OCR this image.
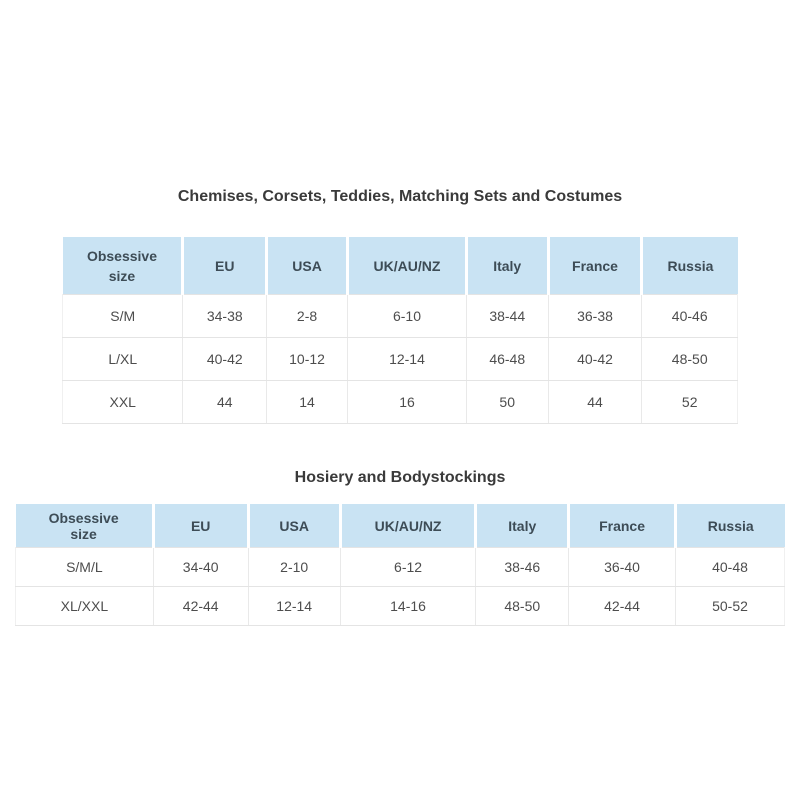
Chemises, Corsets, Teddies, Matching Sets and Costumes
Obsessive size	EU	USA	UK/AU/NZ	Italy	France	Russia
S/M	34-38	2-8	6-10	38-44	36-38	40-46
L/XL	40-42	10-12	12-14	46-48	40-42	48-50
XXL	44	14	16	50	44	52
Hosiery and Bodystockings
Obsessive size	EU	USA	UK/AU/NZ	Italy	France	Russia
S/M/L	34-40	2-10	6-12	38-46	36-40	40-48
XL/XXL	42-44	12-14	14-16	48-50	42-44	50-52
